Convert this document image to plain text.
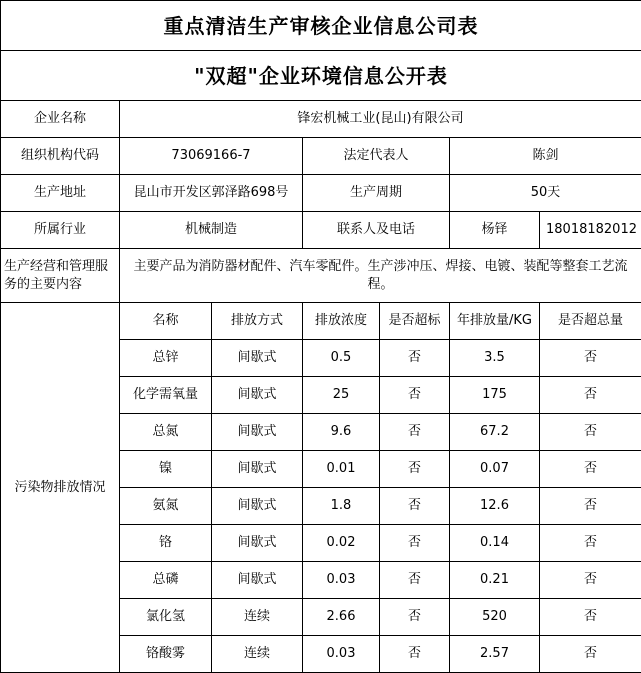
重点清洁生产审核企业信息公司表						
"双超"企业环境信息公开表						
企业名称	锋宏机械工业(昆山)有限公司					
组织机构代码	73069166-7		法定代表人		陈剑	
生产地址	昆山市开发区郭泽路698号		生产周期		50天	
所属行业	机械制造		联系人及电话		杨铎	18018182012
生产经营和管理服务的主要内容	主要产品为消防器材配件、汽车零配件。生产涉冲压、焊接、电镀、装配等整套工艺流程。					
污染物排放情况	名称	排放方式	排放浓度	是否超标	年排放量/KG	是否超总量
	总锌	间歇式	0.5	否	3.5	否
	化学需氧量	间歇式	25	否	175	否
	总氮	间歇式	9.6	否	67.2	否
	镍	间歇式	0.01	否	0.07	否
	氨氮	间歇式	1.8	否	12.6	否
	铬	间歇式	0.02	否	0.14	否
	总磷	间歇式	0.03	否	0.21	否
	氯化氢	连续	2.66	否	520	否
	铬酸雾	连续	0.03	否	2.57	否
